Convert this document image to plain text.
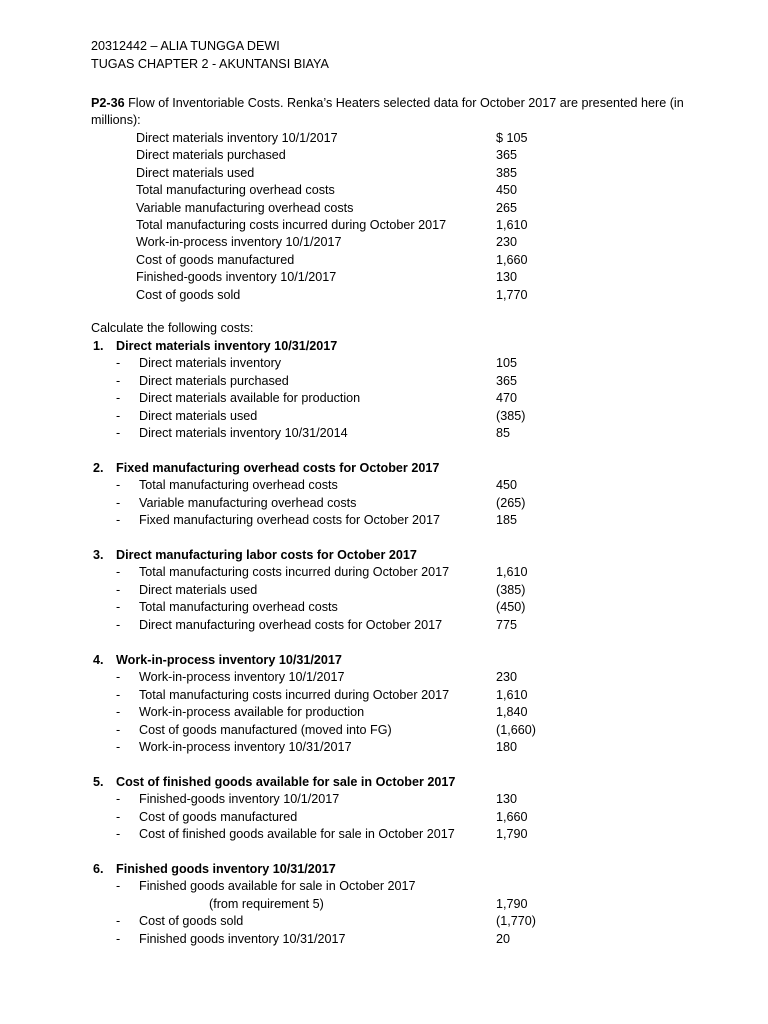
20312442 – ALIA TUNGGA DEWI
TUGAS CHAPTER 2 - AKUNTANSI BIAYA
P2-36 Flow of Inventoriable Costs. Renka’s Heaters selected data for October 2017 are presented here (in millions):
Direct materials inventory 10/1/2017	$ 105
Direct materials purchased	365
Direct materials used	385
Total manufacturing overhead costs	450
Variable manufacturing overhead costs	265
Total manufacturing costs incurred during October 2017	1,610
Work-in-process inventory 10/1/2017	230
Cost of goods manufactured	1,660
Finished-goods inventory 10/1/2017	130
Cost of goods sold	1,770
Calculate the following costs:
1. Direct materials inventory 10/31/2017
- Direct materials inventory	105
- Direct materials purchased	365
- Direct materials available for production	470
- Direct materials used	(385)
- Direct materials inventory 10/31/2014	85
2. Fixed manufacturing overhead costs for October 2017
- Total manufacturing overhead costs	450
- Variable manufacturing overhead costs	(265)
- Fixed manufacturing overhead costs for October 2017	185
3. Direct manufacturing labor costs for October 2017
- Total manufacturing costs incurred during October 2017	1,610
- Direct materials used	(385)
- Total manufacturing overhead costs	(450)
- Direct manufacturing overhead costs for October 2017	775
4. Work-in-process inventory 10/31/2017
- Work-in-process inventory 10/1/2017	230
- Total manufacturing costs incurred during October 2017	1,610
- Work-in-process available for production	1,840
- Cost of goods manufactured (moved into FG)	(1,660)
- Work-in-process inventory 10/31/2017	180
5. Cost of finished goods available for sale in October 2017
- Finished-goods inventory 10/1/2017	130
- Cost of goods manufactured	1,660
- Cost of finished goods available for sale in October 2017	1,790
6. Finished goods inventory 10/31/2017
- Finished goods available for sale in October 2017
(from requirement 5)	1,790
- Cost of goods sold	(1,770)
- Finished goods inventory 10/31/2017	20
